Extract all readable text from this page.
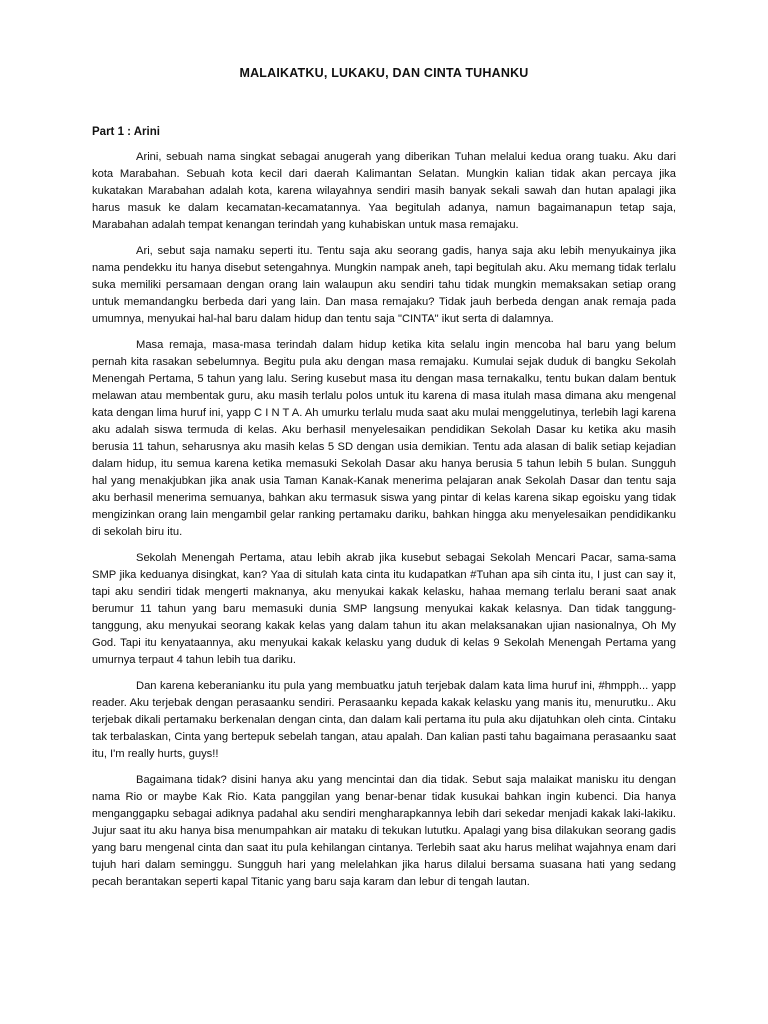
MALAIKATKU, LUKAKU, DAN CINTA TUHANKU
Part 1 : Arini

Arini, sebuah nama singkat sebagai anugerah yang diberikan Tuhan melalui kedua orang tuaku. Aku dari kota Marabahan. Sebuah kota kecil dari daerah Kalimantan Selatan. Mungkin kalian tidak akan percaya jika kukatakan Marabahan adalah kota, karena wilayahnya sendiri masih banyak sekali sawah dan hutan apalagi jika harus masuk ke dalam kecamatan-kecamatannya. Yaa begitulah adanya, namun bagaimanapun tetap saja, Marabahan adalah tempat kenangan terindah yang kuhabiskan untuk masa remajaku.

Ari, sebut saja namaku seperti itu. Tentu saja aku seorang gadis, hanya saja aku lebih menyukainya jika nama pendekku itu hanya disebut setengahnya. Mungkin nampak aneh, tapi begitulah aku. Aku memang tidak terlalu suka memiliki persamaan dengan orang lain walaupun aku sendiri tahu tidak mungkin memaksakan setiap orang untuk memandangku berbeda dari yang lain. Dan masa remajaku? Tidak jauh berbeda dengan anak remaja pada umumnya, menyukai hal-hal baru dalam hidup dan tentu saja "CINTA" ikut serta di dalamnya.

Masa remaja, masa-masa terindah dalam hidup ketika kita selalu ingin mencoba hal baru yang belum pernah kita rasakan sebelumnya. Begitu pula aku dengan masa remajaku. Kumulai sejak duduk di bangku Sekolah Menengah Pertama, 5 tahun yang lalu. Sering kusebut masa itu dengan masa ternakalku, tentu bukan dalam bentuk melawan atau membentak guru, aku masih terlalu polos untuk itu karena di masa itulah masa dimana aku mengenal kata dengan lima huruf ini, yapp C I N T A. Ah umurku terlalu muda saat aku mulai menggelutinya, terlebih lagi karena aku adalah siswa termuda di kelas. Aku berhasil menyelesaikan pendidikan Sekolah Dasar ku ketika aku masih berusia 11 tahun, seharusnya aku masih kelas 5 SD dengan usia demikian. Tentu ada alasan di balik setiap kejadian dalam hidup, itu semua karena ketika memasuki Sekolah Dasar aku hanya berusia 5 tahun lebih 5 bulan. Sungguh hal yang menakjubkan jika anak usia Taman Kanak-Kanak menerima pelajaran anak Sekolah Dasar dan tentu saja aku berhasil menerima semuanya, bahkan aku termasuk siswa yang pintar di kelas karena sikap egoisku yang tidak mengizinkan orang lain mengambil gelar ranking pertamaku dariku, bahkan hingga aku menyelesaikan pendidikanku di sekolah biru itu.

Sekolah Menengah Pertama, atau lebih akrab jika kusebut sebagai Sekolah Mencari Pacar, sama-sama SMP jika keduanya disingkat, kan? Yaa di situlah kata cinta itu kudapatkan #Tuhan apa sih cinta itu, I just can say it, tapi aku sendiri tidak mengerti maknanya, aku menyukai kakak kelasku, hahaa memang terlalu berani saat anak berumur 11 tahun yang baru memasuki dunia SMP langsung menyukai kakak kelasnya. Dan tidak tanggung-tanggung, aku menyukai seorang kakak kelas yang dalam tahun itu akan melaksanakan ujian nasionalnya, Oh My God. Tapi itu kenyataannya, aku menyukai kakak kelasku yang duduk di kelas 9 Sekolah Menengah Pertama yang umurnya terpaut 4 tahun lebih tua dariku.

Dan karena keberanianku itu pula yang membuatku jatuh terjebak dalam kata lima huruf ini, #hmpph... yapp reader. Aku terjebak dengan perasaanku sendiri. Perasaanku kepada kakak kelasku yang manis itu, menurutku.. Aku terjebak dikali pertamaku berkenalan dengan cinta, dan dalam kali pertama itu pula aku dijatuhkan oleh cinta. Cintaku tak terbalaskan, Cinta yang bertepuk sebelah tangan, atau apalah. Dan kalian pasti tahu bagaimana perasaanku saat itu, I'm really hurts, guys!!

Bagaimana tidak? disini hanya aku yang mencintai dan dia tidak. Sebut saja malaikat manisku itu dengan nama Rio or maybe Kak Rio. Kata panggilan yang benar-benar tidak kusukai bahkan ingin kubenci. Dia hanya menganggapku sebagai adiknya padahal aku sendiri mengharapkannya lebih dari sekedar menjadi kakak laki-lakiku. Jujur saat itu aku hanya bisa menumpahkan air mataku di tekukan lututku. Apalagi yang bisa dilakukan seorang gadis yang baru mengenal cinta dan saat itu pula kehilangan cintanya. Terlebih saat aku harus melihat wajahnya enam dari tujuh hari dalam seminggu. Sungguh hari yang melelahkan jika harus dilalui bersama suasana hati yang sedang pecah berantakan seperti kapal Titanic yang baru saja karam dan lebur di tengah lautan.
